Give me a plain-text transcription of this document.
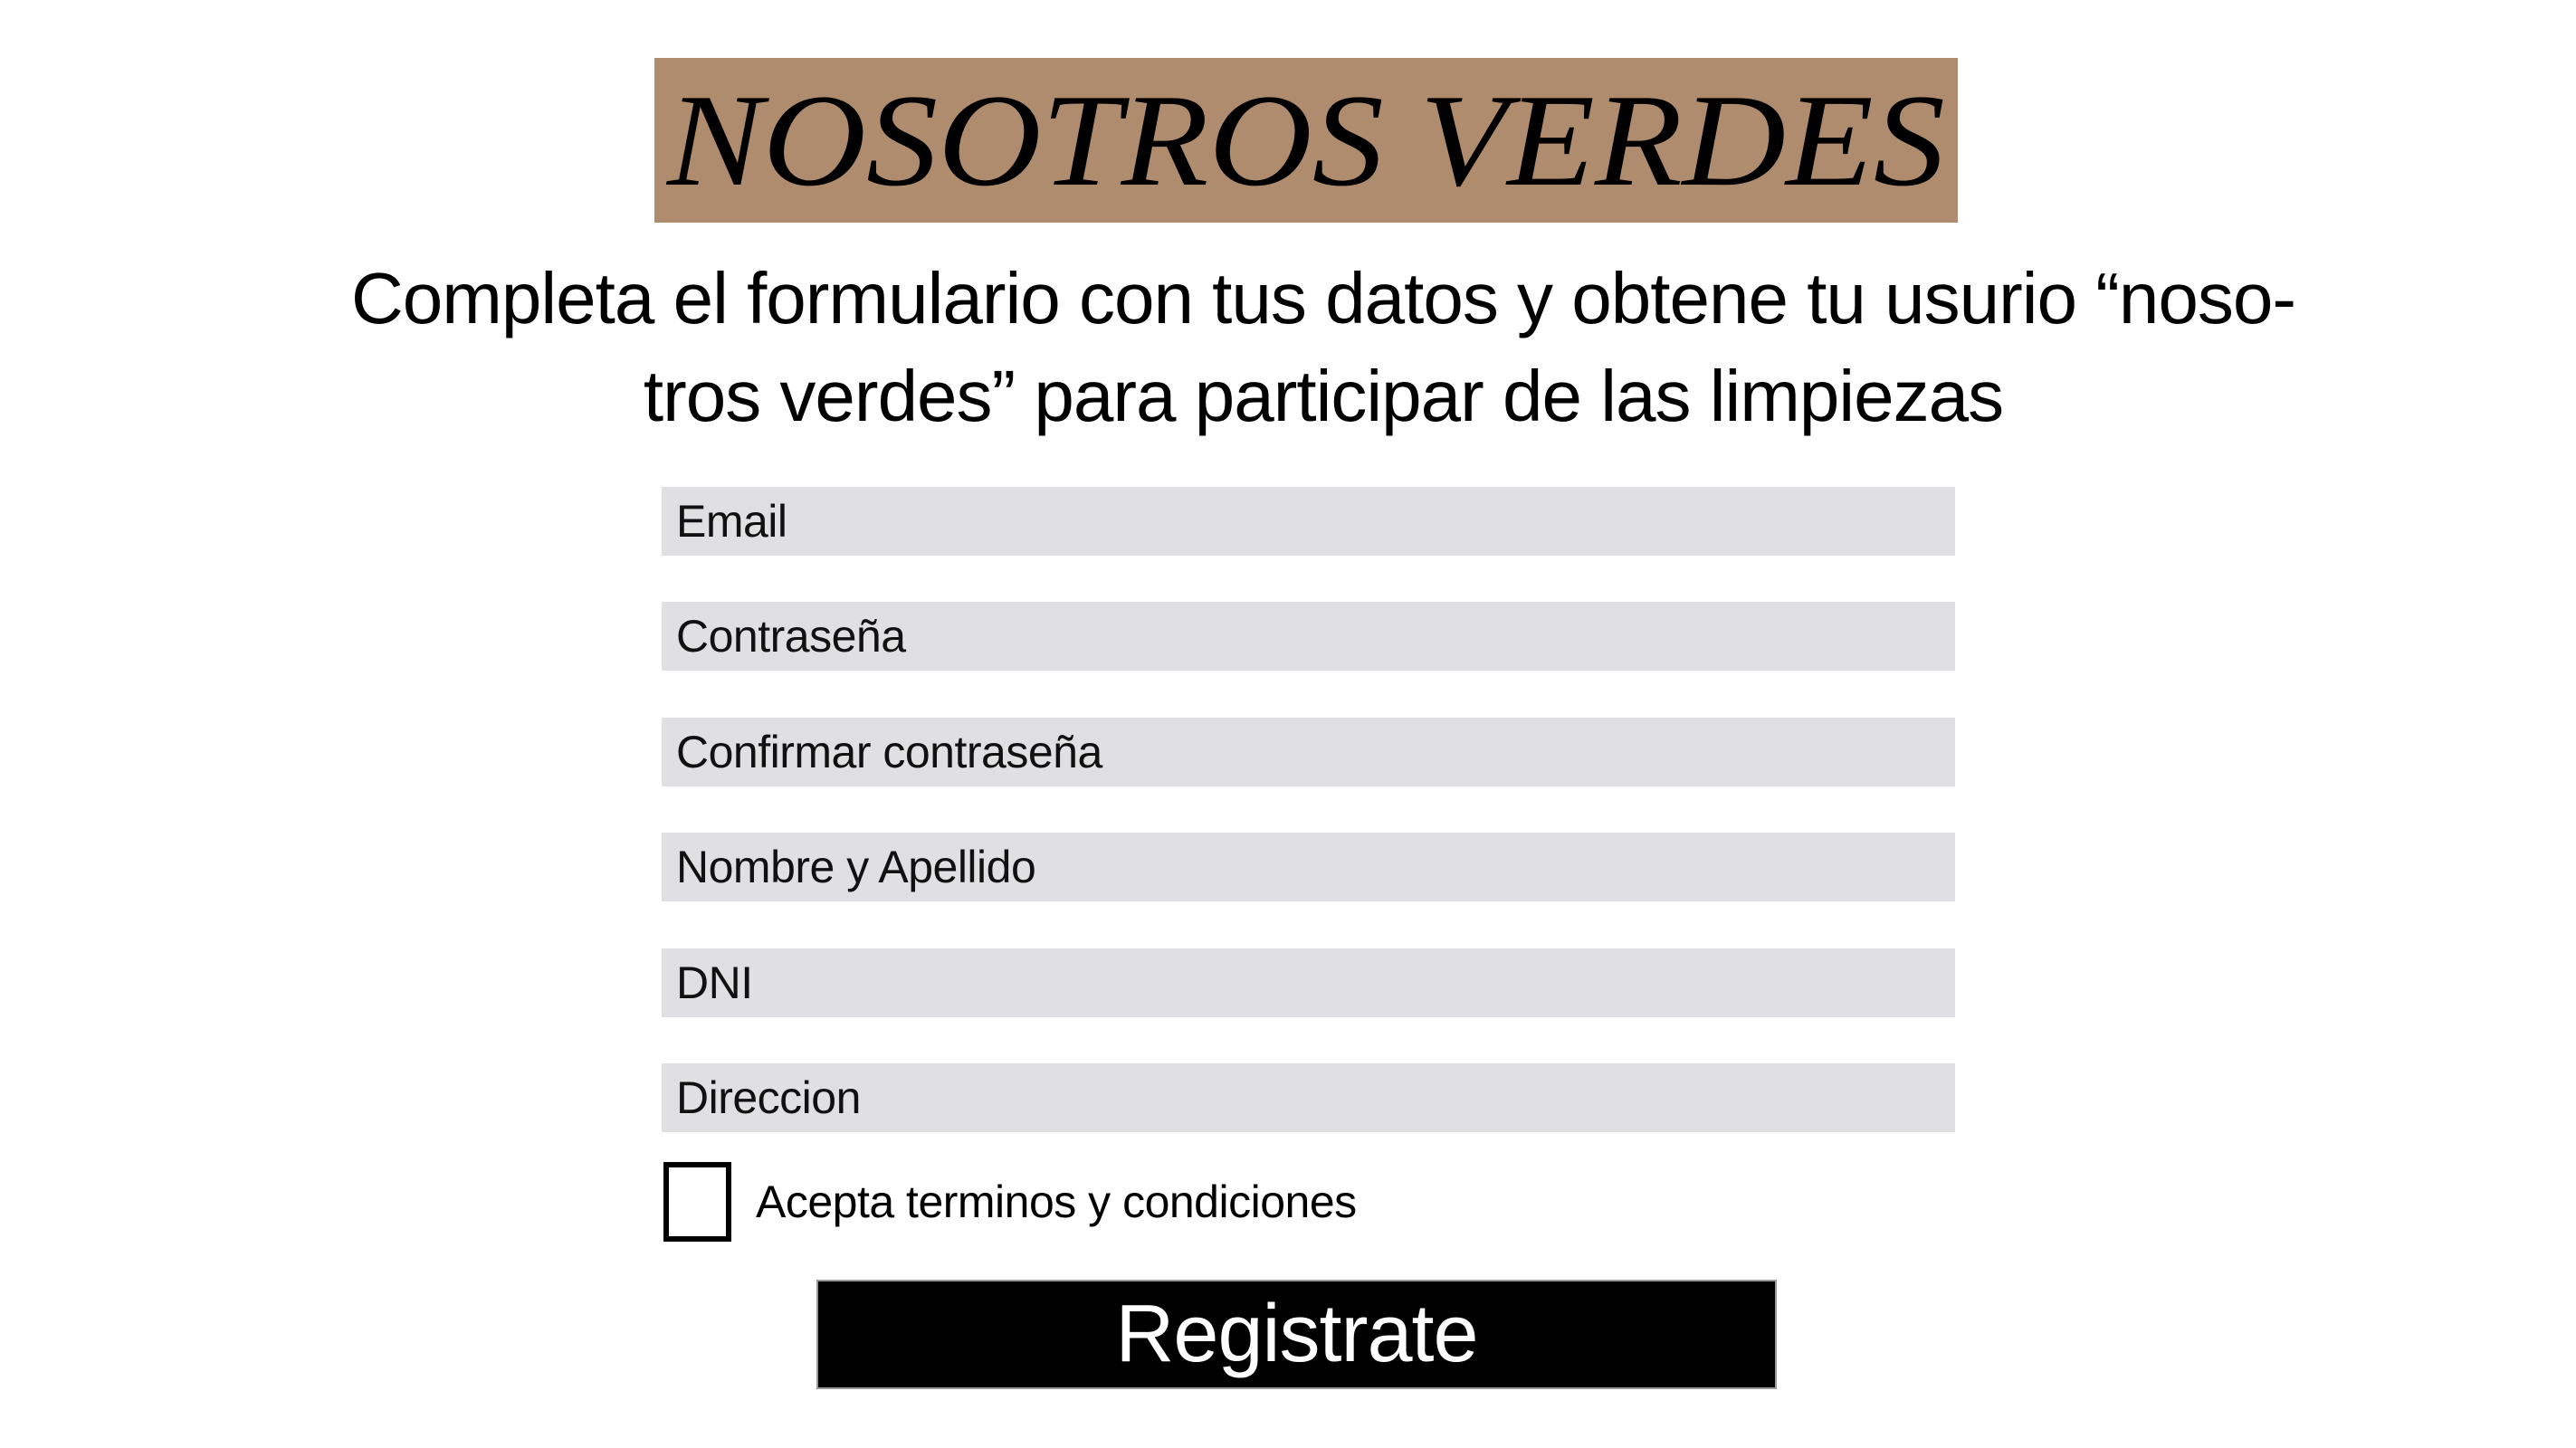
NOSOTROS VERDES
Completa el formulario con tus datos y obtene tu usurio “noso-
tros verdes” para participar de las limpiezas
Email
Contraseña
Confirmar contraseña
Nombre y Apellido
DNI
Direccion
Acepta terminos y condiciones
Registrate
